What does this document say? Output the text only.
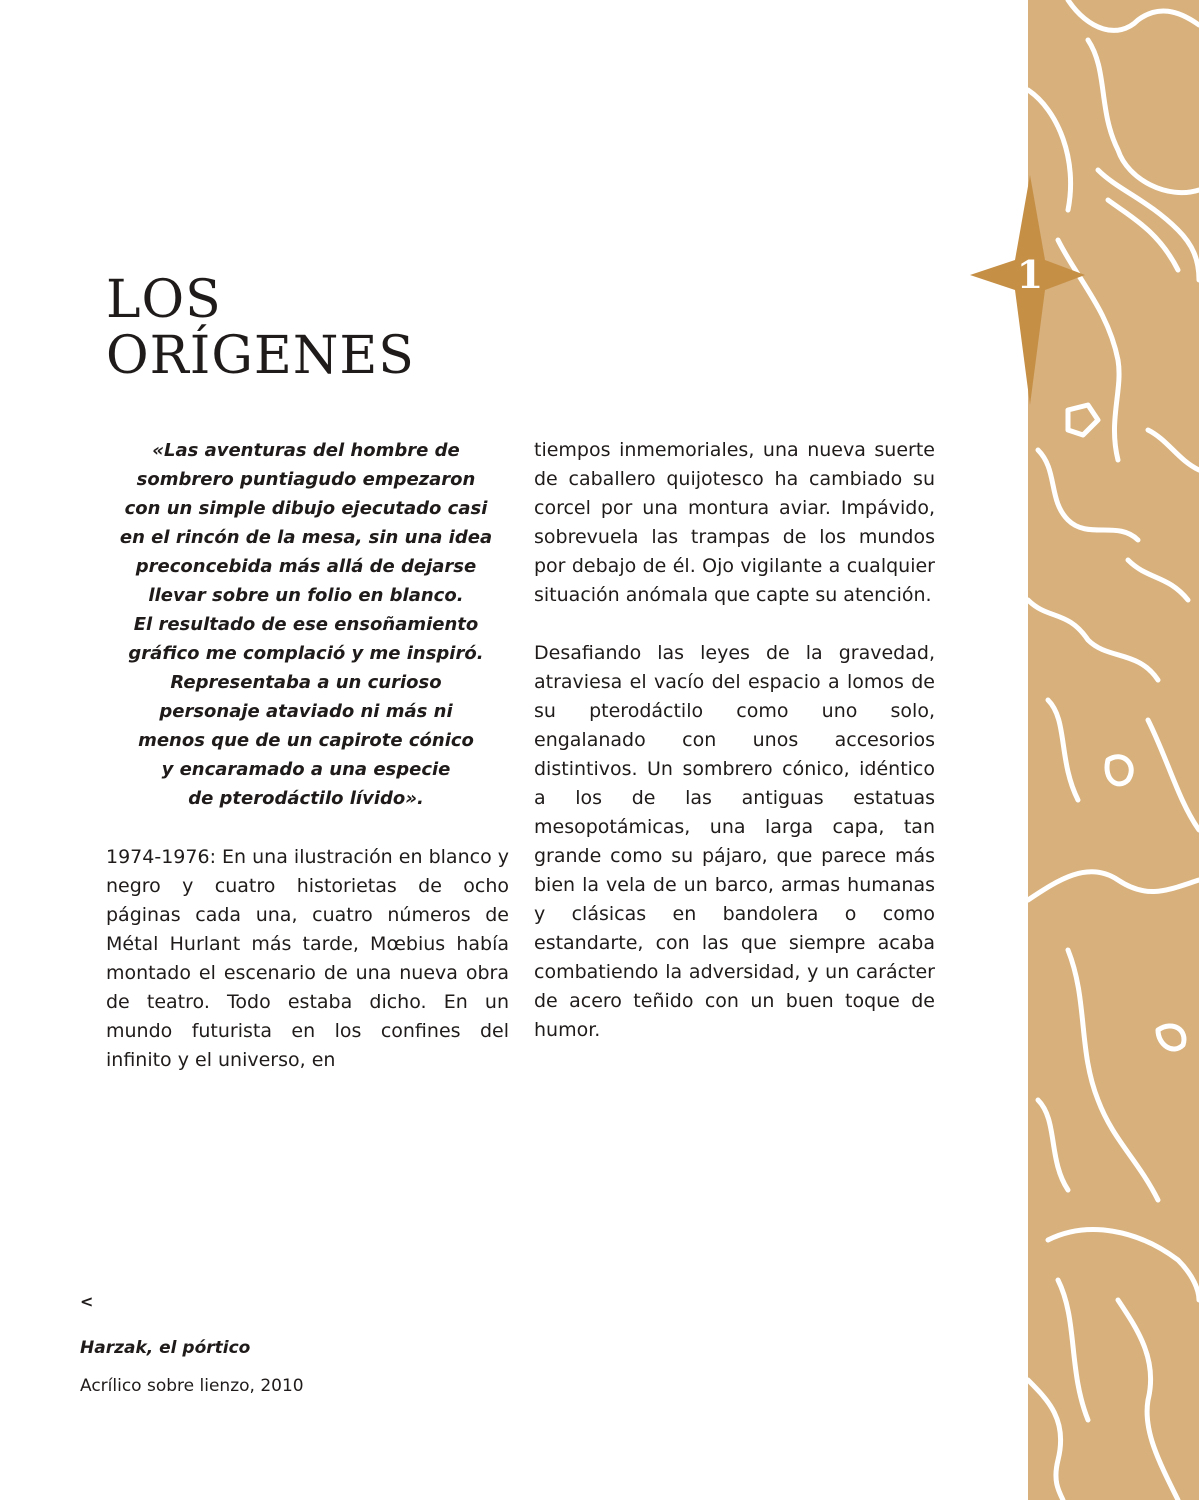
1
LOS ORÍGENES

«Las aventuras del hombre de
sombrero puntiagudo empezaron
con un simple dibujo ejecutado casi
en el rincón de la mesa, sin una idea
preconcebida más allá de dejarse
llevar sobre un folio en blanco.
El resultado de ese ensoñamiento
gráfico me complació y me inspiró.
Representaba a un curioso
personaje ataviado ni más ni
menos que de un capirote cónico
y encaramado a una especie
de pterodáctilo lívido».

1974-1976: En una ilustración en blanco y negro y cuatro historietas de ocho páginas cada una, cuatro números de Métal Hurlant más tarde, Mœbius había montado el escenario de una nueva obra de teatro. Todo estaba dicho. En un mundo futurista en los confines del infinito y el universo, en

tiempos inmemoriales, una nueva suerte de caballero quijotesco ha cambiado su corcel por una montura aviar. Impávido, sobrevuela las trampas de los mundos por debajo de él. Ojo vigilante a cualquier situación anómala que capte su atención.

Desafiando las leyes de la gravedad, atraviesa el vacío del espacio a lomos de su pterodáctilo como uno solo, engalanado con unos accesorios distintivos. Un sombrero cónico, idéntico a los de las antiguas estatuas mesopotámicas, una larga capa, tan grande como su pájaro, que parece más bien la vela de un barco, armas humanas y clásicas en bandolera o como estandarte, con las que siempre acaba combatiendo la adversidad, y un carácter de acero teñido con un buen toque de humor.

<
Harzak, el pórtico
Acrílico sobre lienzo, 2010
